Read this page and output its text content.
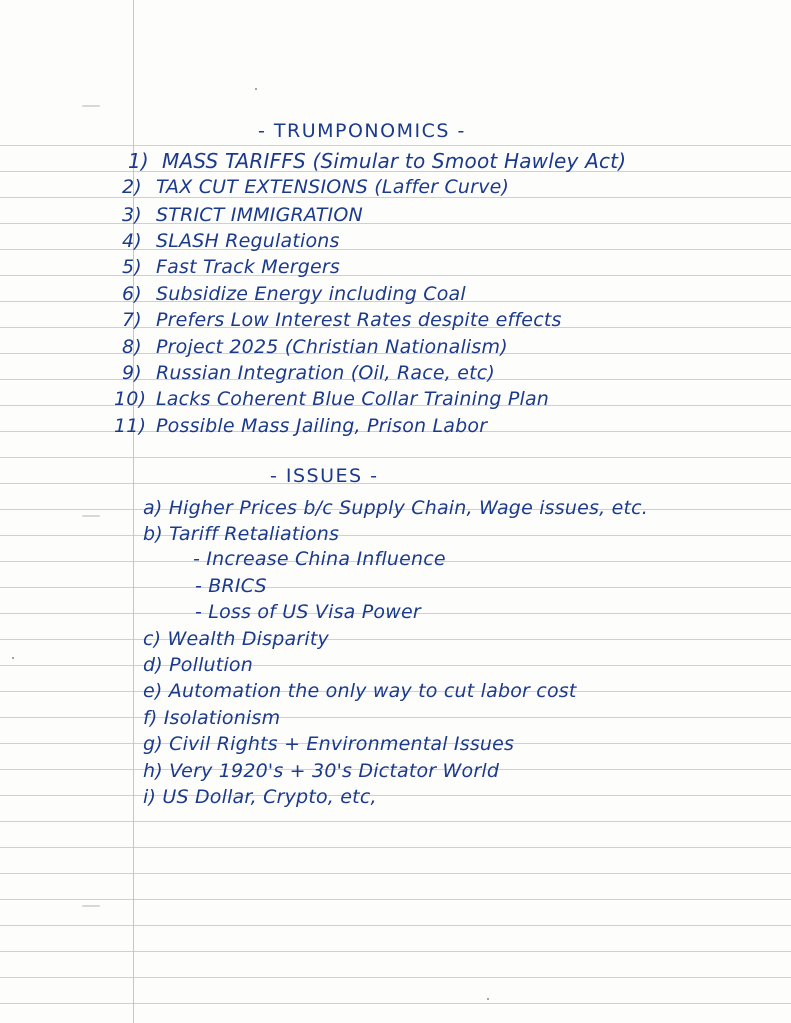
- TRUMPONOMICS -
1) MASS TARIFFS (Simular to Smoot Hawley Act)
2) TAX CUT EXTENSIONS (Laffer Curve)
3) STRICT IMMIGRATION
4) SLASH Regulations
5) Fast Track Mergers
6) Subsidize Energy including Coal
7) Prefers Low Interest Rates despite effects
8) Project 2025 (Christian Nationalism)
9) Russian Integration (Oil, Race, etc)
10) Lacks Coherent Blue Collar Training Plan
11) Possible Mass Jailing, Prison Labor
- ISSUES -
a) Higher Prices b/c Supply Chain, Wage issues, etc.
b) Tariff Retaliations
- Increase China Influence
- BRICS
- Loss of US Visa Power
c) Wealth Disparity
d) Pollution
e) Automation the only way to cut labor cost
f) Isolationism
g) Civil Rights + Environmental Issues
h) Very 1920's + 30's Dictator World
i) US Dollar, Crypto, etc,
